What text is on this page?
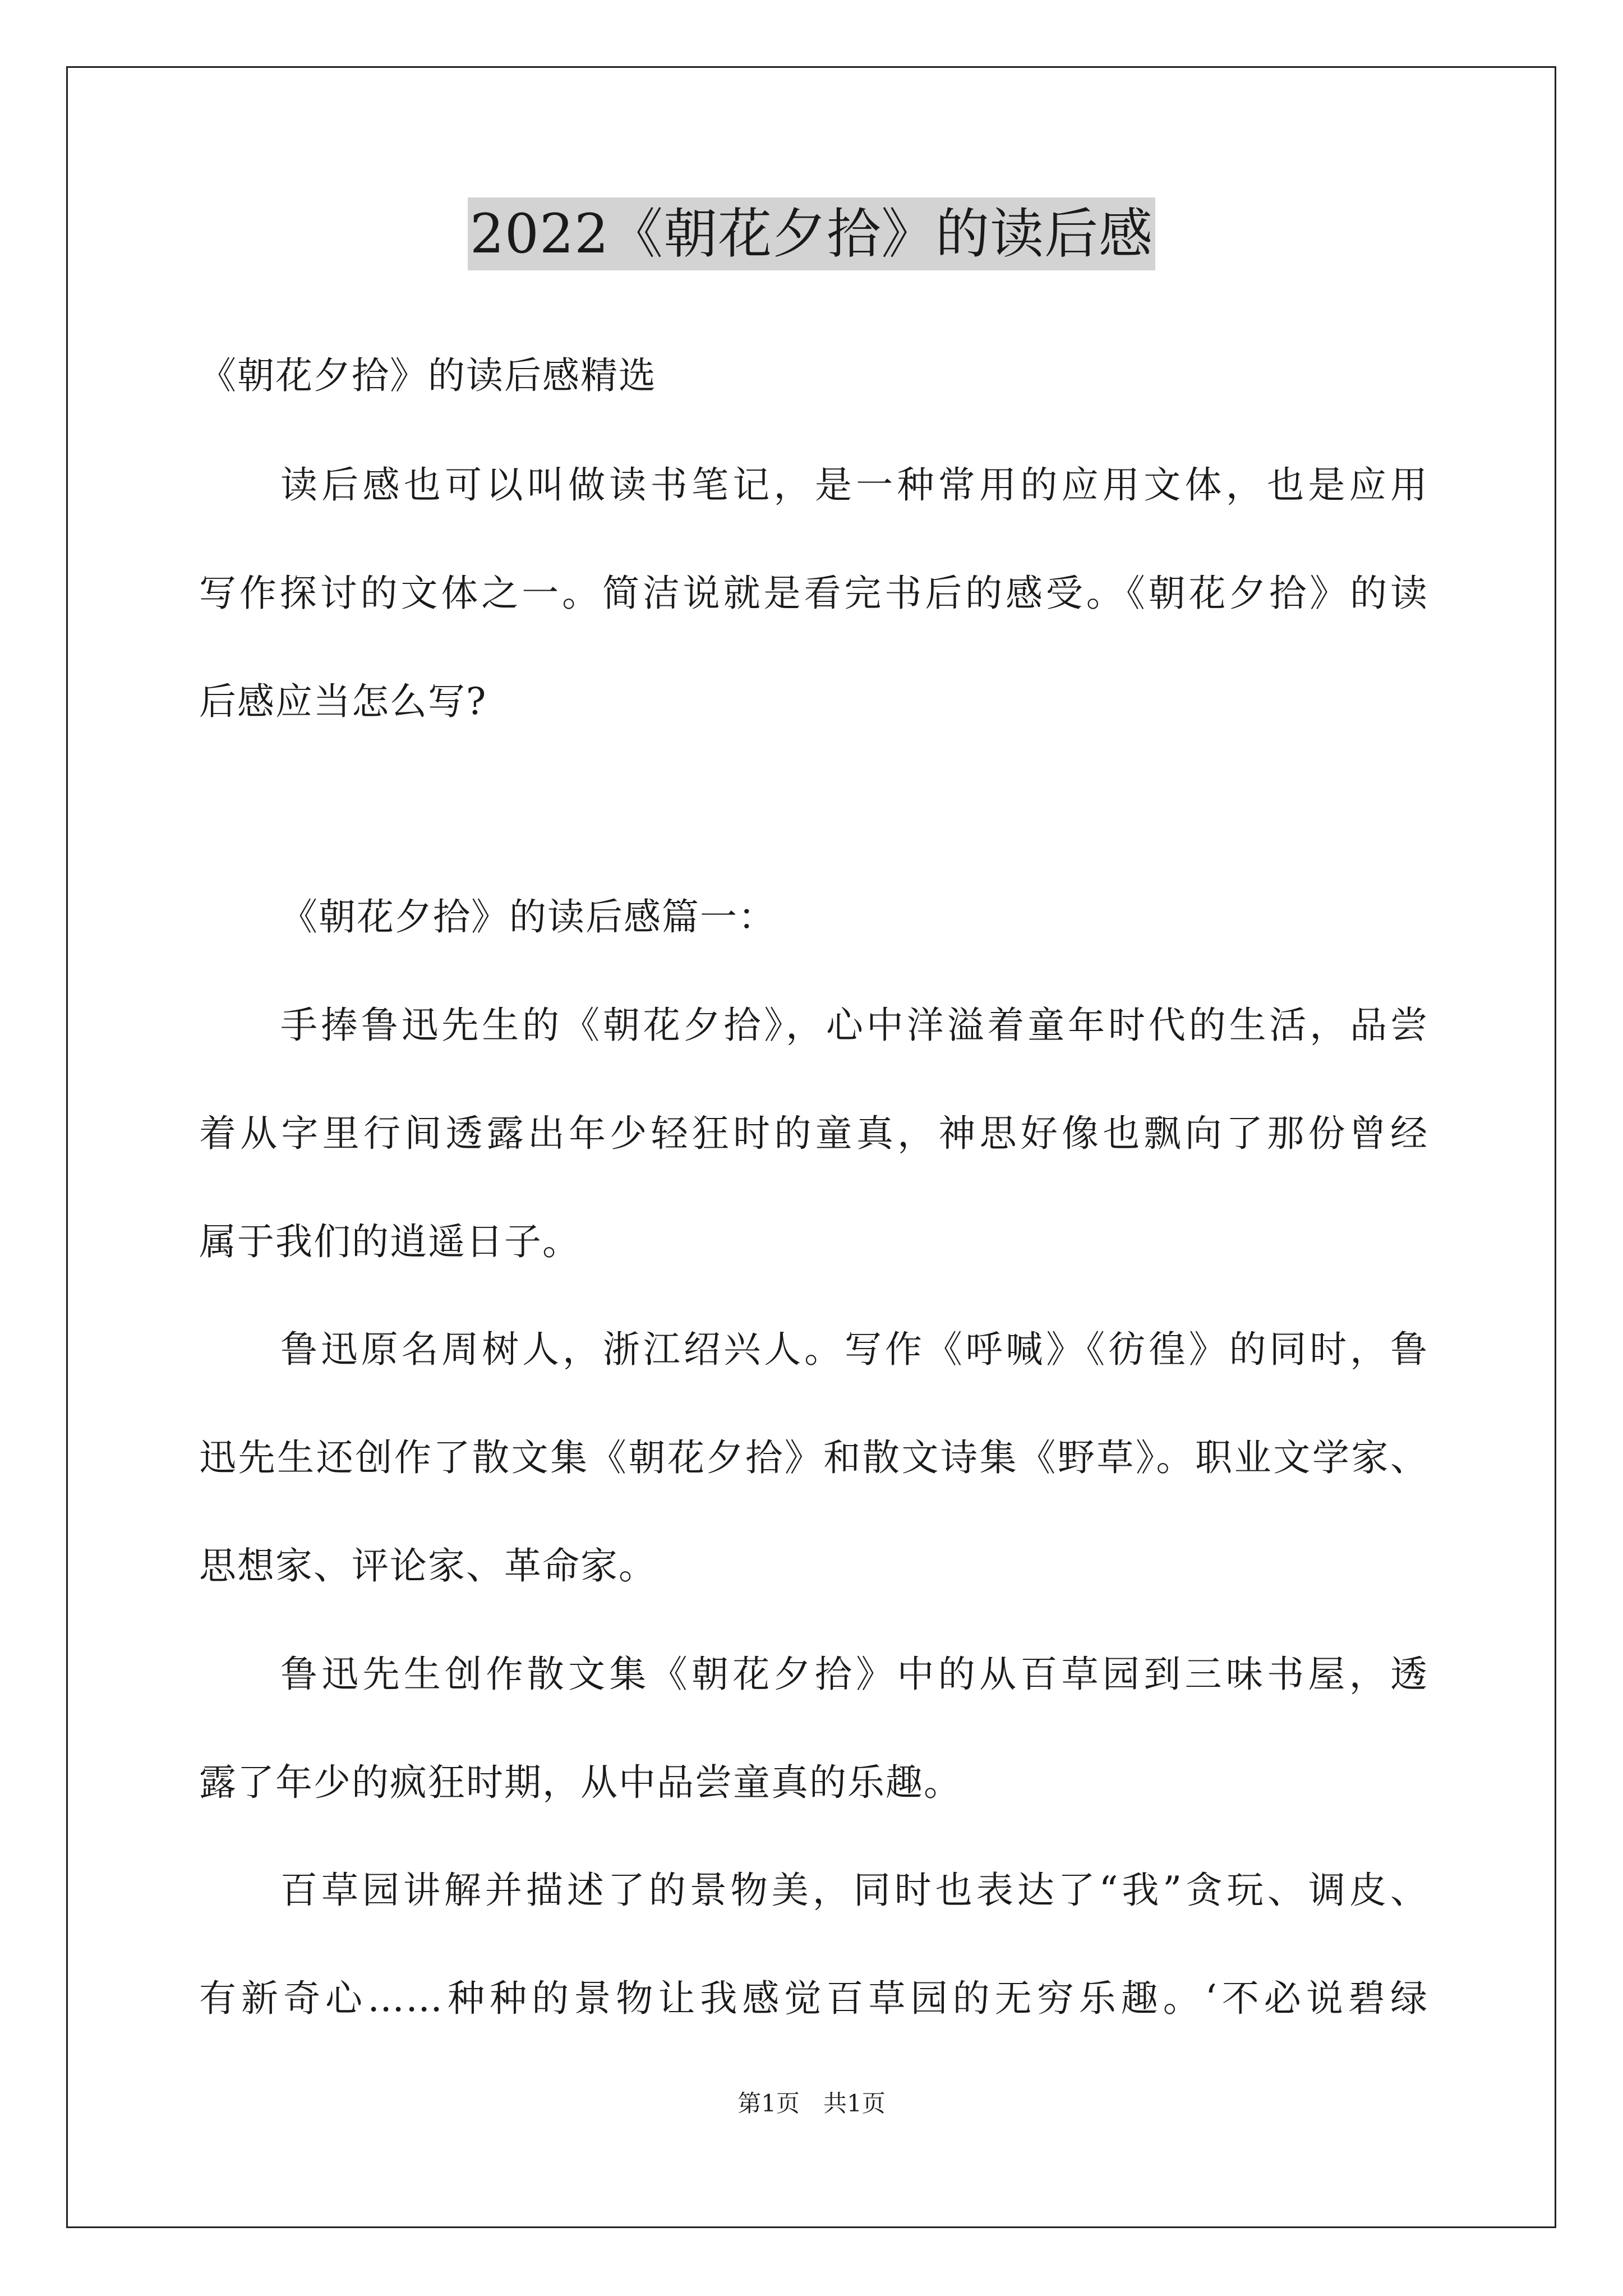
2022《朝花夕拾》的读后感
《朝花夕拾》的读后感精选
读后感也可以叫做读书笔记，是一种常用的应用文体，也是应用
写作探讨的文体之一。简洁说就是看完书后的感受。《朝花夕拾》的读
后感应当怎么写?
《朝花夕拾》的读后感篇一：
手捧鲁迅先生的《朝花夕拾》，心中洋溢着童年时代的生活，品尝
着从字里行间透露出年少轻狂时的童真，神思好像也飘向了那份曾经
属于我们的逍遥日子。
鲁迅原名周树人，浙江绍兴人。写作《呼喊》《彷徨》的同时，鲁
迅先生还创作了散文集《朝花夕拾》和散文诗集《野草》。职业文学家、
思想家、评论家、革命家。
鲁迅先生创作散文集《朝花夕拾》中的从百草园到三味书屋，透
露了年少的疯狂时期，从中品尝童真的乐趣。
百草园讲解并描述了的景物美，同时也表达了“我”贪玩、调皮、
有新奇心……种种的景物让我感觉百草园的无穷乐趣。‘不必说碧绿
第1页　共1页
